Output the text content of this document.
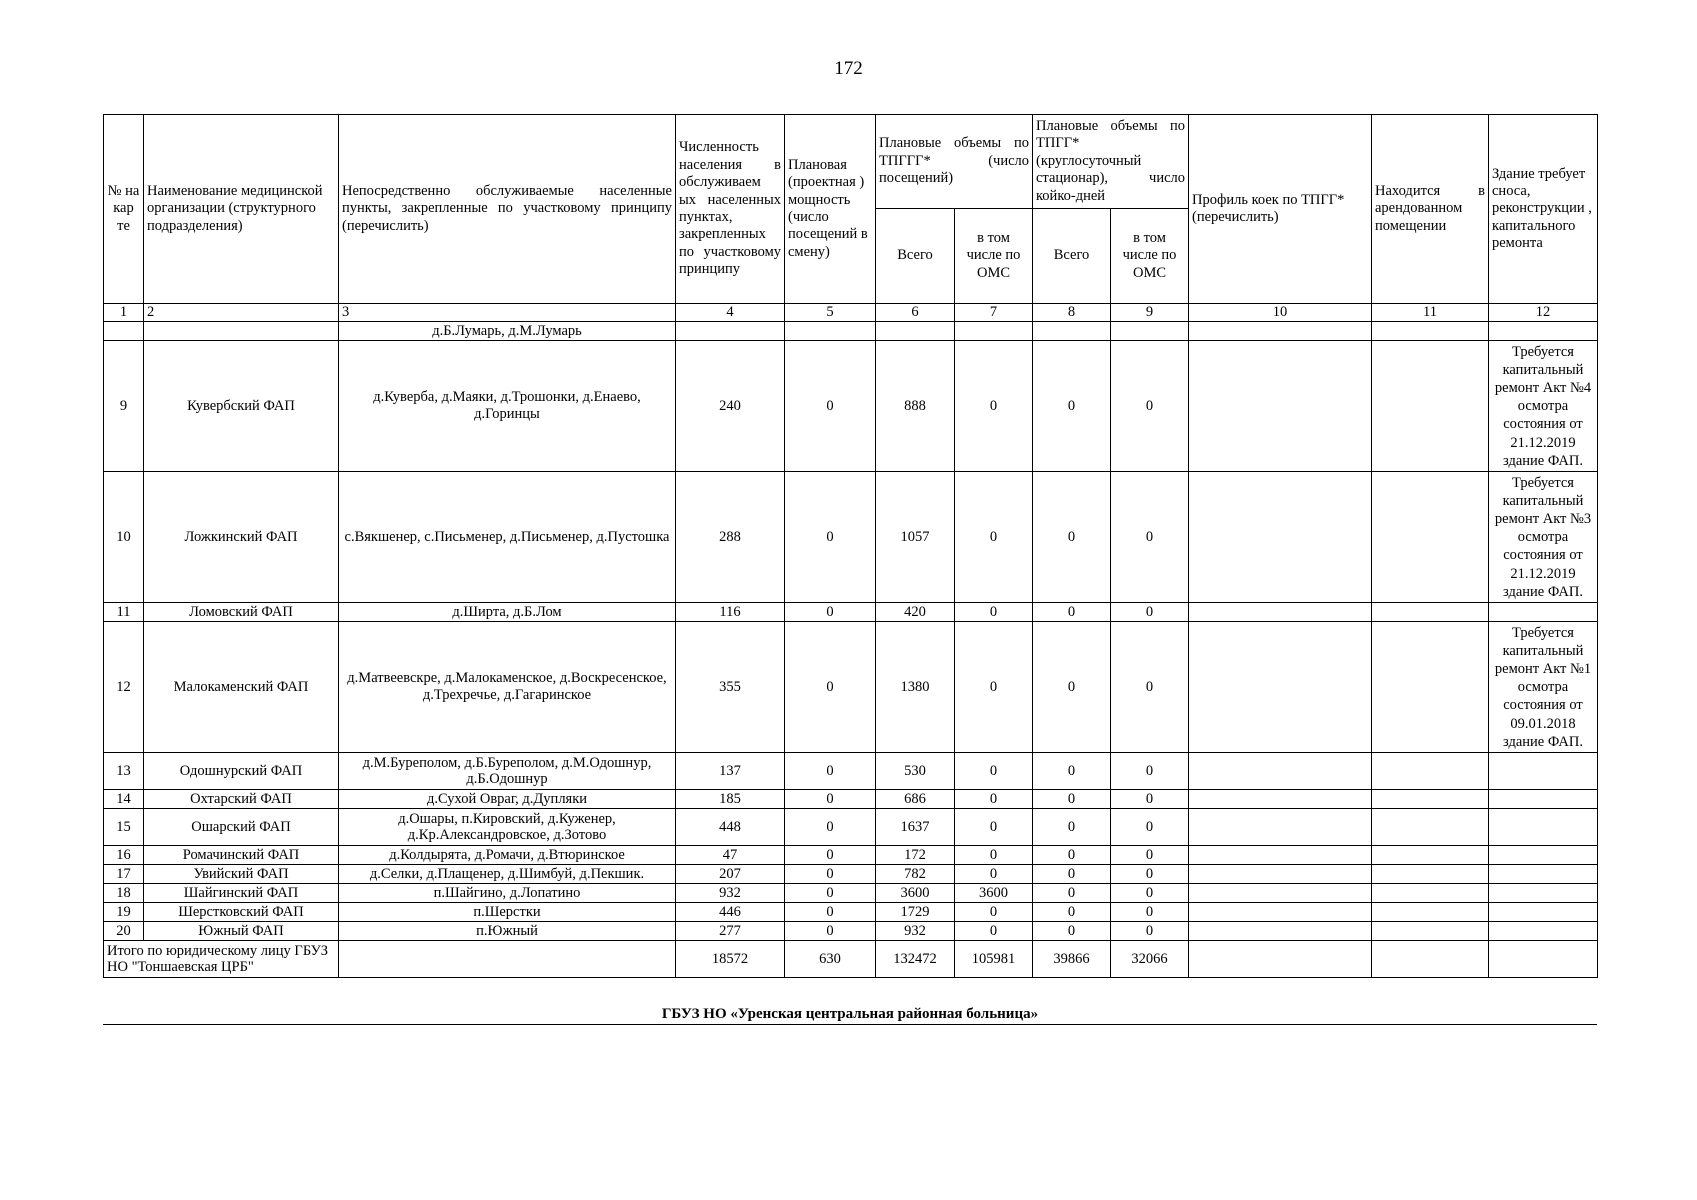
172
№ на кар те	Наименование медицинской организации (структурного подразделения)	Непосредственно обслуживаемые населенные пункты, закрепленные по участковому принципу (перечислить)	Численность населения в обслуживаем ых населенных пунктах, закрепленных по участковому принципу	Плановая (проектная ) мощность (число посещений в смену)	Плановые объемы по ТПГГГ* (число посещений)		Плановые объемы по ТПГГ* (круглосуточный стационар), число койко-дней		Профиль коек по ТПГГ* (перечислить)	Находится в арендованном помещении	Здание требует сноса, реконструкции , капитального ремонта
					Всего	в том числе по ОМС	Всего	в том числе по ОМС			
1	2	3	4	5	6	7	8	9	10	11	12
		д.Б.Лумарь, д.М.Лумарь									
9	Кувербский ФАП	д.Куверба, д.Маяки, д.Трошонки, д.Енаево, д.Горинцы	240	0	888	0	0	0			Требуется капитальный ремонт Акт №4 осмотра состояния от 21.12.2019 здание ФАП.
10	Ложкинский ФАП	с.Вякшенер, с.Письменер, д.Письменер, д.Пустошка	288	0	1057	0	0	0			Требуется капитальный ремонт Акт №3 осмотра состояния от 21.12.2019 здание ФАП.
11	Ломовский ФАП	д.Ширта, д.Б.Лом	116	0	420	0	0	0			
12	Малокаменский ФАП	д.Матвеевскре, д.Малокаменское, д.Воскресенское, д.Трехречье, д.Гагаринское	355	0	1380	0	0	0			Требуется капитальный ремонт Акт №1 осмотра состояния от 09.01.2018 здание ФАП.
13	Одошнурский ФАП	д.М.Буреполом, д.Б.Буреполом, д.М.Одошнур, д.Б.Одошнур	137	0	530	0	0	0			
14	Охтарский ФАП	д.Сухой Овраг, д.Дупляки	185	0	686	0	0	0			
15	Ошарский ФАП	д.Ошары, п.Кировский, д.Куженер, д.Кр.Александровское, д.Зотово	448	0	1637	0	0	0			
16	Ромачинский ФАП	д.Колдырята, д.Ромачи, д.Втюринское	47	0	172	0	0	0			
17	Увийский ФАП	д.Селки, д.Плащенер, д.Шимбуй, д.Пекшик.	207	0	782	0	0	0			
18	Шайгинский ФАП	п.Шайгино, д.Лопатино	932	0	3600	3600	0	0			
19	Шерстковский ФАП	п.Шерстки	446	0	1729	0	0	0			
20	Южный ФАП	п.Южный	277	0	932	0	0	0			
Итого по юридическому лицу ГБУЗ НО "Тоншаевская ЦРБ"			18572	630	132472	105981	39866	32066			
ГБУЗ НО «Уренская центральная районная больница»
